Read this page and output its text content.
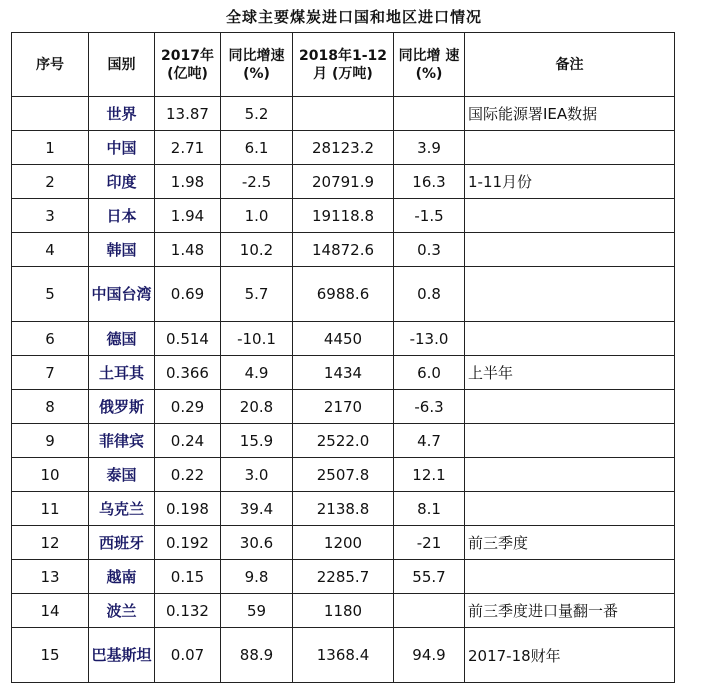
全球主要煤炭进口国和地区进口情况
序号	国别	2017年 (亿吨)	同比增速 (%)	2018年1-12 月 (万吨)	同比增 速(%)	备注
	世界	13.87	5.2			国际能源署IEA数据
1	中国	2.71	6.1	28123.2	3.9	
2	印度	1.98	-2.5	20791.9	16.3	1-11月份
3	日本	1.94	1.0	19118.8	-1.5	
4	韩国	1.48	10.2	14872.6	0.3	
5	中国台湾	0.69	5.7	6988.6	0.8	
6	德国	0.514	-10.1	4450	-13.0	
7	土耳其	0.366	4.9	1434	6.0	上半年
8	俄罗斯	0.29	20.8	2170	-6.3	
9	菲律宾	0.24	15.9	2522.0	4.7	
10	泰国	0.22	3.0	2507.8	12.1	
11	乌克兰	0.198	39.4	2138.8	8.1	
12	西班牙	0.192	30.6	1200	-21	前三季度
13	越南	0.15	9.8	2285.7	55.7	
14	波兰	0.132	59	1180		前三季度进口量翻一番
15	巴基斯坦	0.07	88.9	1368.4	94.9	2017-18财年
